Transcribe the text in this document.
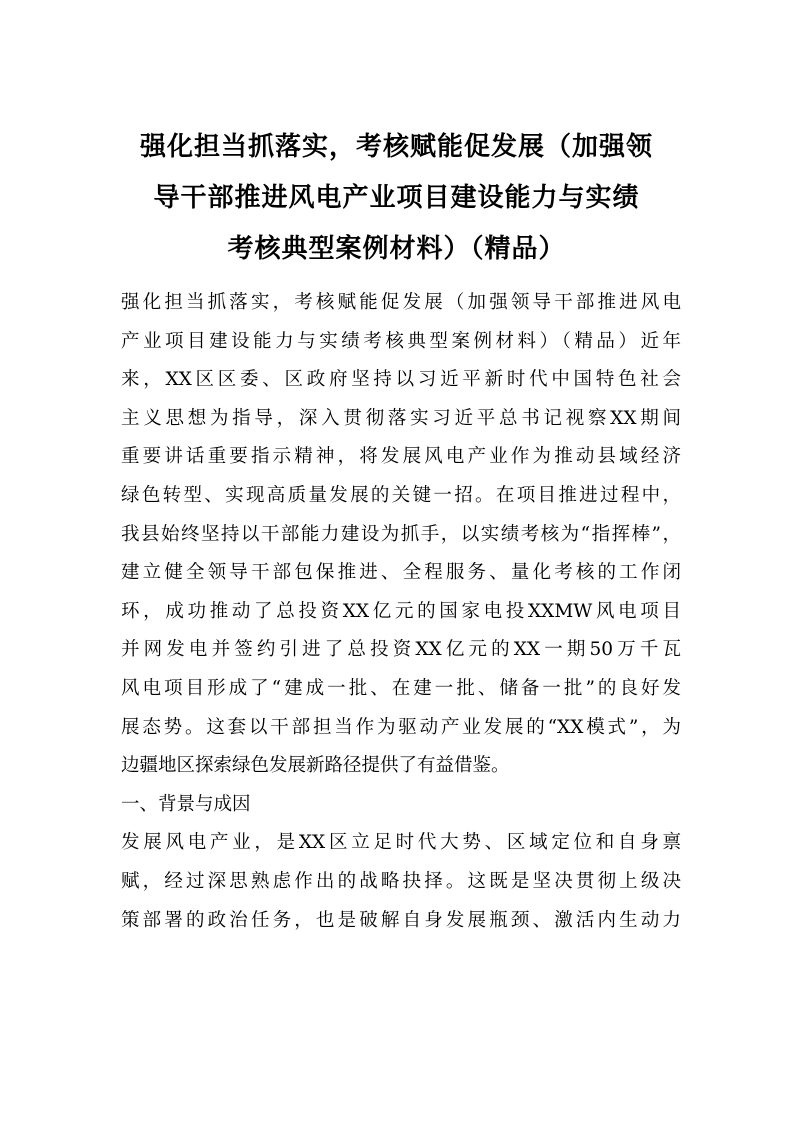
强化担当抓落实，考核赋能促发展（加强领
导干部推进风电产业项目建设能力与实绩
考核典型案例材料）（精品）
强化担当抓落实，考核赋能促发展（加强领导干部推进风电
产业项目建设能力与实绩考核典型案例材料）（精品）近年
来，XX区区委、区政府坚持以习近平新时代中国特色社会
主义思想为指导，深入贯彻落实习近平总书记视察XX期间
重要讲话重要指示精神，将发展风电产业作为推动县域经济
绿色转型、实现高质量发展的关键一招。在项目推进过程中，
我县始终坚持以干部能力建设为抓手，以实绩考核为“指挥棒”，
建立健全领导干部包保推进、全程服务、量化考核的工作闭
环，成功推动了总投资XX亿元的国家电投XXMW风电项目
并网发电并签约引进了总投资XX亿元的XX一期50万千瓦
风电项目形成了“建成一批、在建一批、储备一批”的良好发
展态势。这套以干部担当作为驱动产业发展的“XX模式”，为
边疆地区探索绿色发展新路径提供了有益借鉴。
一、背景与成因
发展风电产业，是XX区立足时代大势、区域定位和自身禀
赋，经过深思熟虑作出的战略抉择。这既是坚决贯彻上级决
策部署的政治任务，也是破解自身发展瓶颈、激活内生动力
